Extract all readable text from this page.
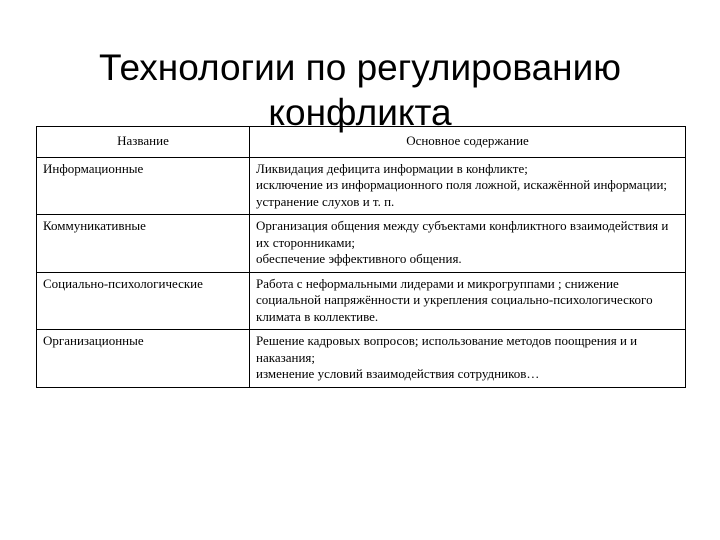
Технологии по регулированию
конфликта
Название	Основное содержание
Информационные	Ликвидация дефицита информации в конфликте;
исключение из информационного поля ложной, искажённой информации;
устранение слухов и т. п.

Коммуникативные	Организация общения между субъектами конфликтного взаимодействия и их сторонниками;
обеспечение эффективного общения.

Социально-психологические	Работа с неформальными лидерами и микрогруппами ; снижение социальной напряжённости и укрепления социально-психологического климата в коллективе.

Организационные	Решение кадровых вопросов; использование методов поощрения и и наказания;
изменение условий взаимодействия сотрудников…
